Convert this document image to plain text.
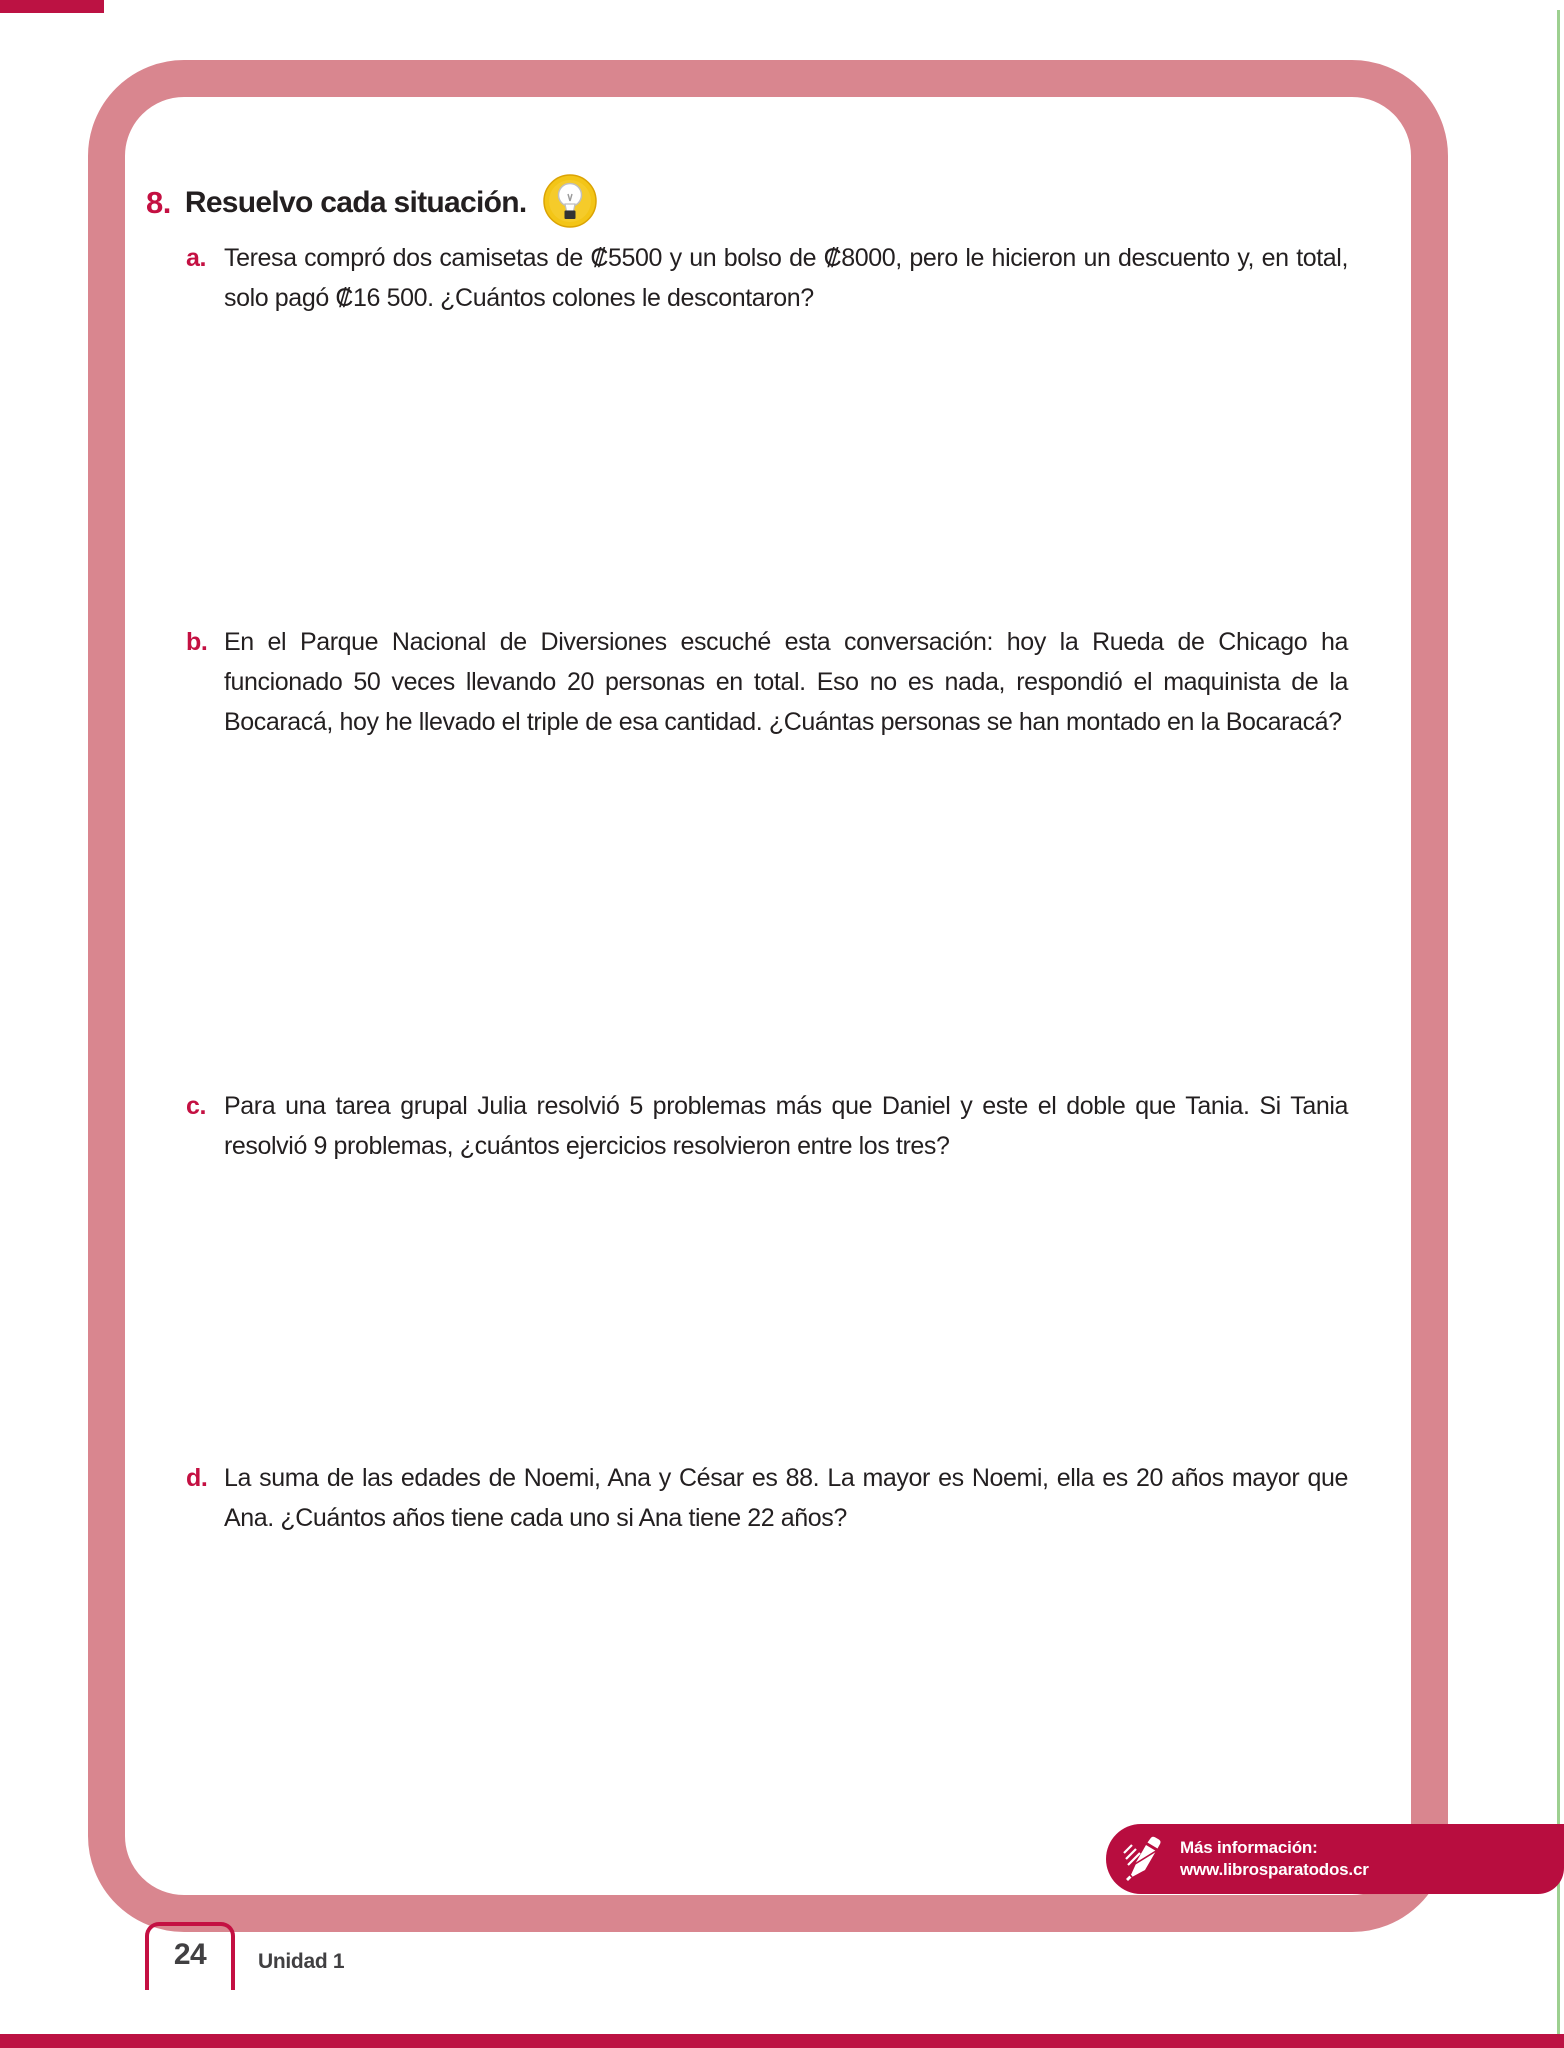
8. Resuelvo cada situación.
a. Teresa compró dos camisetas de ₡5500 y un bolso de ₡8000, pero le hicieron un descuento y, en total, solo pagó ₡16 500. ¿Cuántos colones le descontaron?
b. En el Parque Nacional de Diversiones escuché esta conversación: hoy la Rueda de Chicago ha funcionado 50 veces llevando 20 personas en total. Eso no es nada, respondió el maquinista de la Bocaracá, hoy he llevado el triple de esa cantidad. ¿Cuántas personas se han montado en la Bocaracá?
c. Para una tarea grupal Julia resolvió 5 problemas más que Daniel y este el doble que Tania. Si Tania resolvió 9 problemas, ¿cuántos ejercicios resolvieron entre los tres?
d. La suma de las edades de Noemi, Ana y César es 88. La mayor es Noemi, ella es 20 años mayor que Ana. ¿Cuántos años tiene cada uno si Ana tiene 22 años?
Más información:
www.librosparatodos.cr
24 Unidad 1
